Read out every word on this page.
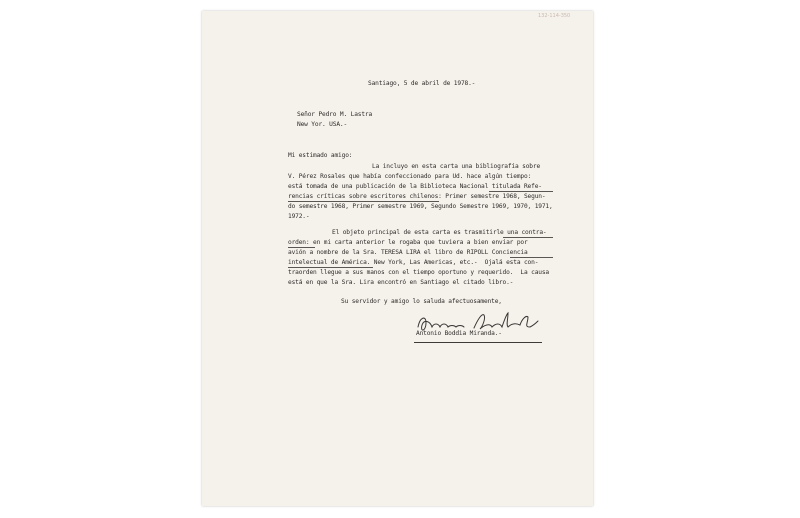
132-114-350
Santiago, 5 de abril de 1978.-
Señor Pedro M. Lastra
New Yor. USA.-
Mi estimado amigo:
La incluyo en esta carta una bibliografía sobre
V. Pérez Rosales que había confeccionado para Ud. hace algún tiempo:
está tomada de una publicación de la Biblioteca Nacional titulada Refe-
rencias críticas sobre escritores chilenos: Primer semestre 1968, Segun-
do semestre 1968, Primer semestre 1969, Segundo Semestre 1969, 1970, 1971,
1972.-
El objeto principal de esta carta es trasmitirle una contra-
orden: en mi carta anterior le rogaba que tuviera a bien enviar por
avión a nombre de la Sra. TERESA LIRA el libro de RIPOLL Conciencia
intelectual de América. New York, Las Americas, etc.-  Ojalá esta con-
traorden llegue a sus manos con el tiempo oportuno y requerido.  La causa
está en que la Sra. Lira encontró en Santiago el citado libro.-
Su servidor y amigo lo saluda afectuosamente,
Antonio Boddia Miranda.-
